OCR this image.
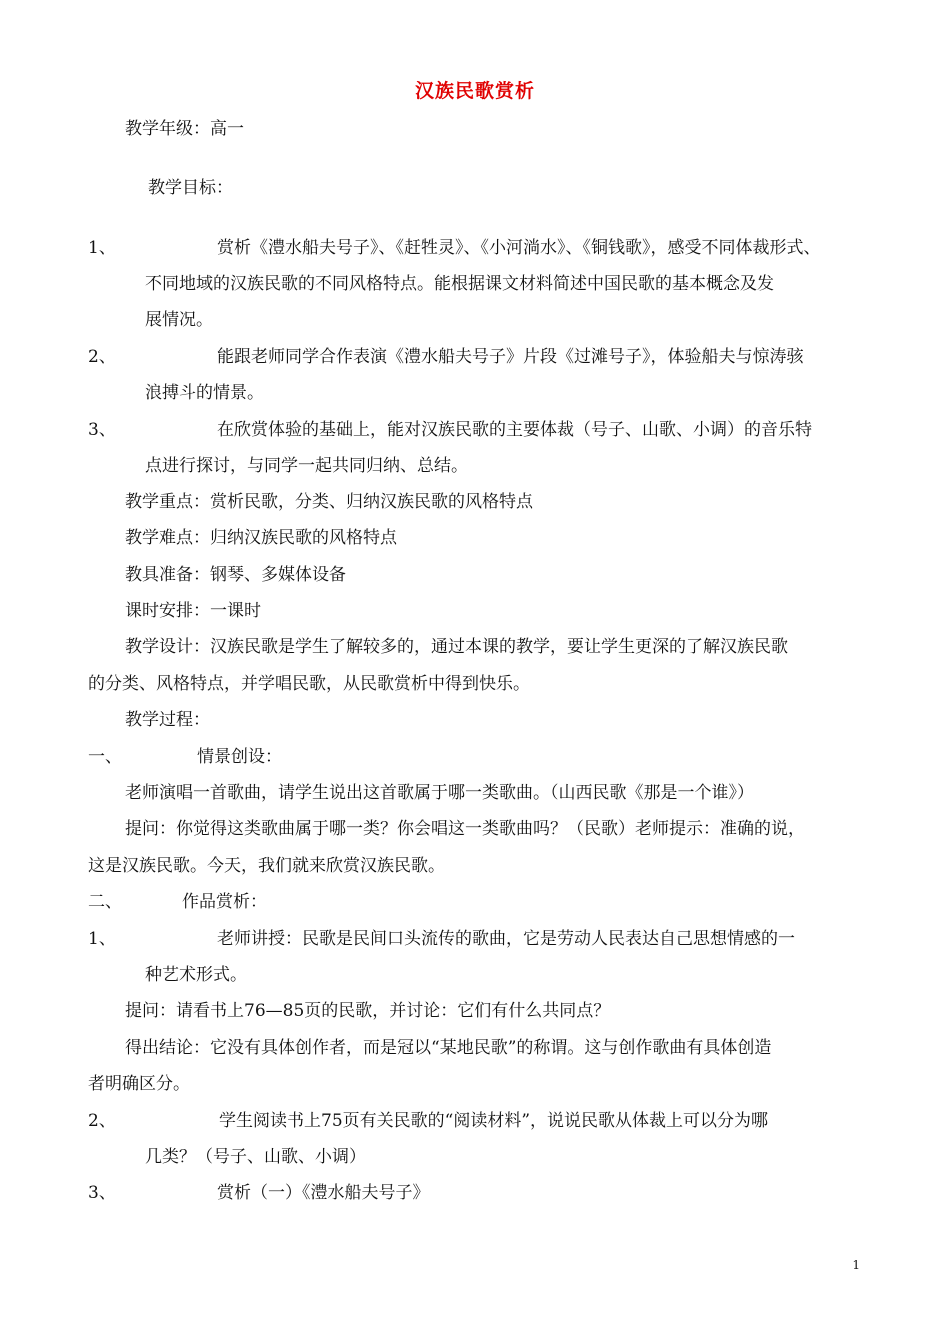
汉族民歌赏析
教学年级：高一
教学目标：
1、	赏析《澧水船夫号子》、《赶牲灵》、《小河淌水》、《铜钱歌》，感受不同体裁形式、
不同地域的汉族民歌的不同风格特点。能根据课文材料简述中国民歌的基本概念及发
展情况。
2、	能跟老师同学合作表演《澧水船夫号子》片段《过滩号子》，体验船夫与惊涛骇
浪搏斗的情景。
3、	在欣赏体验的基础上，能对汉族民歌的主要体裁（号子、山歌、小调）的音乐特
点进行探讨，与同学一起共同归纳、总结。
教学重点：赏析民歌，分类、归纳汉族民歌的风格特点
教学难点：归纳汉族民歌的风格特点
教具准备：钢琴、多媒体设备
课时安排：一课时
教学设计：汉族民歌是学生了解较多的，通过本课的教学，要让学生更深的了解汉族民歌
的分类、风格特点，并学唱民歌，从民歌赏析中得到快乐。
教学过程：
一、	情景创设：
老师演唱一首歌曲，请学生说出这首歌属于哪一类歌曲。（山西民歌《那是一个谁》）
提问：你觉得这类歌曲属于哪一类？你会唱这一类歌曲吗？（民歌）老师提示：准确的说，
这是汉族民歌。今天，我们就来欣赏汉族民歌。
二、	作品赏析：
1、	老师讲授：民歌是民间口头流传的歌曲，它是劳动人民表达自己思想情感的一
种艺术形式。
提问：请看书上76—85页的民歌，并讨论：它们有什么共同点？
得出结论：它没有具体创作者，而是冠以“某地民歌”的称谓。这与创作歌曲有具体创造
者明确区分。
2、	学生阅读书上75页有关民歌的“阅读材料”，说说民歌从体裁上可以分为哪
几类？（号子、山歌、小调）
3、	赏析（一）《澧水船夫号子》
1
